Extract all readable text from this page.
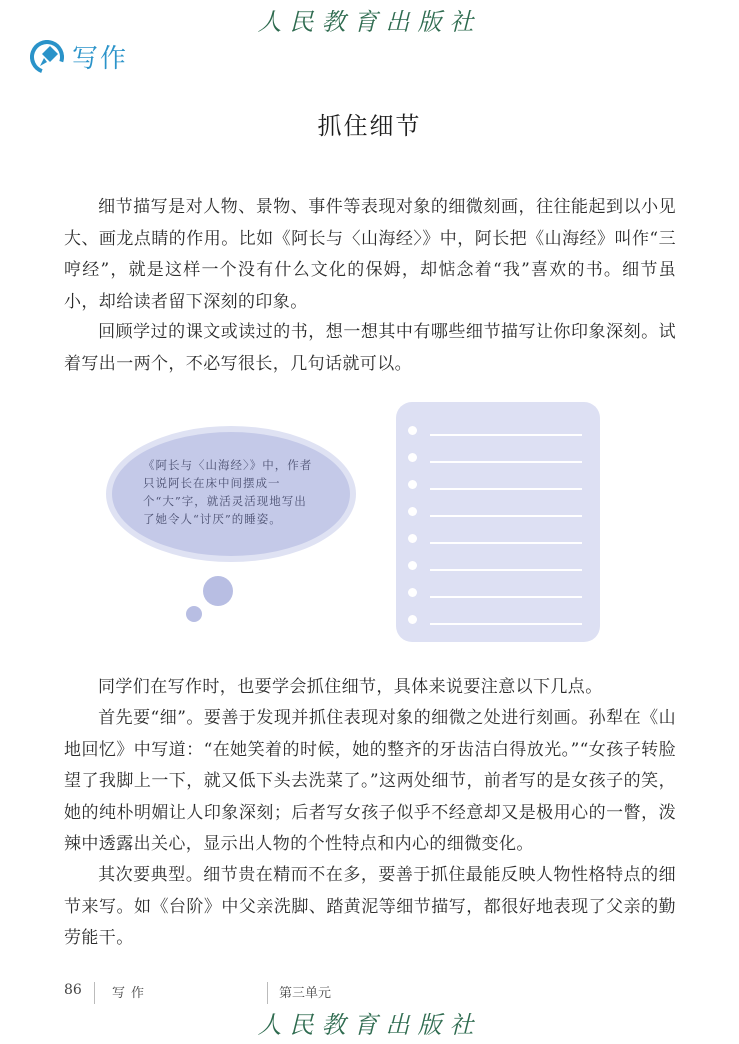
人民教育出版社
写作
抓住细节

细节描写是对人物、景物、事件等表现对象的细微刻画，往往能起到以小见大、画龙点睛的作用。比如《阿长与〈山海经〉》中，阿长把《山海经》叫作“三哼经”，就是这样一个没有什么文化的保姆，却惦念着“我”喜欢的书。细节虽小，却给读者留下深刻的印象。

回顾学过的课文或读过的书，想一想其中有哪些细节描写让你印象深刻。试着写出一两个，不必写很长，几句话就可以。

《阿长与〈山海经〉》中，作者只说阿长在床中间摆成一个“大”字，就活灵活现地写出了她令人“讨厌”的睡姿。

同学们在写作时，也要学会抓住细节，具体来说要注意以下几点。

首先要“细”。要善于发现并抓住表现对象的细微之处进行刻画。孙犁在《山地回忆》中写道：“在她笑着的时候，她的整齐的牙齿洁白得放光。”“女孩子转脸望了我脚上一下，就又低下头去洗菜了。”这两处细节，前者写的是女孩子的笑，她的纯朴明媚让人印象深刻；后者写女孩子似乎不经意却又是极用心的一瞥，泼辣中透露出关心，显示出人物的个性特点和内心的细微变化。

其次要典型。细节贵在精而不在多，要善于抓住最能反映人物性格特点的细节来写。如《台阶》中父亲洗脚、踏黄泥等细节描写，都很好地表现了父亲的勤劳能干。

86 写作	第三单元
人民教育出版社
